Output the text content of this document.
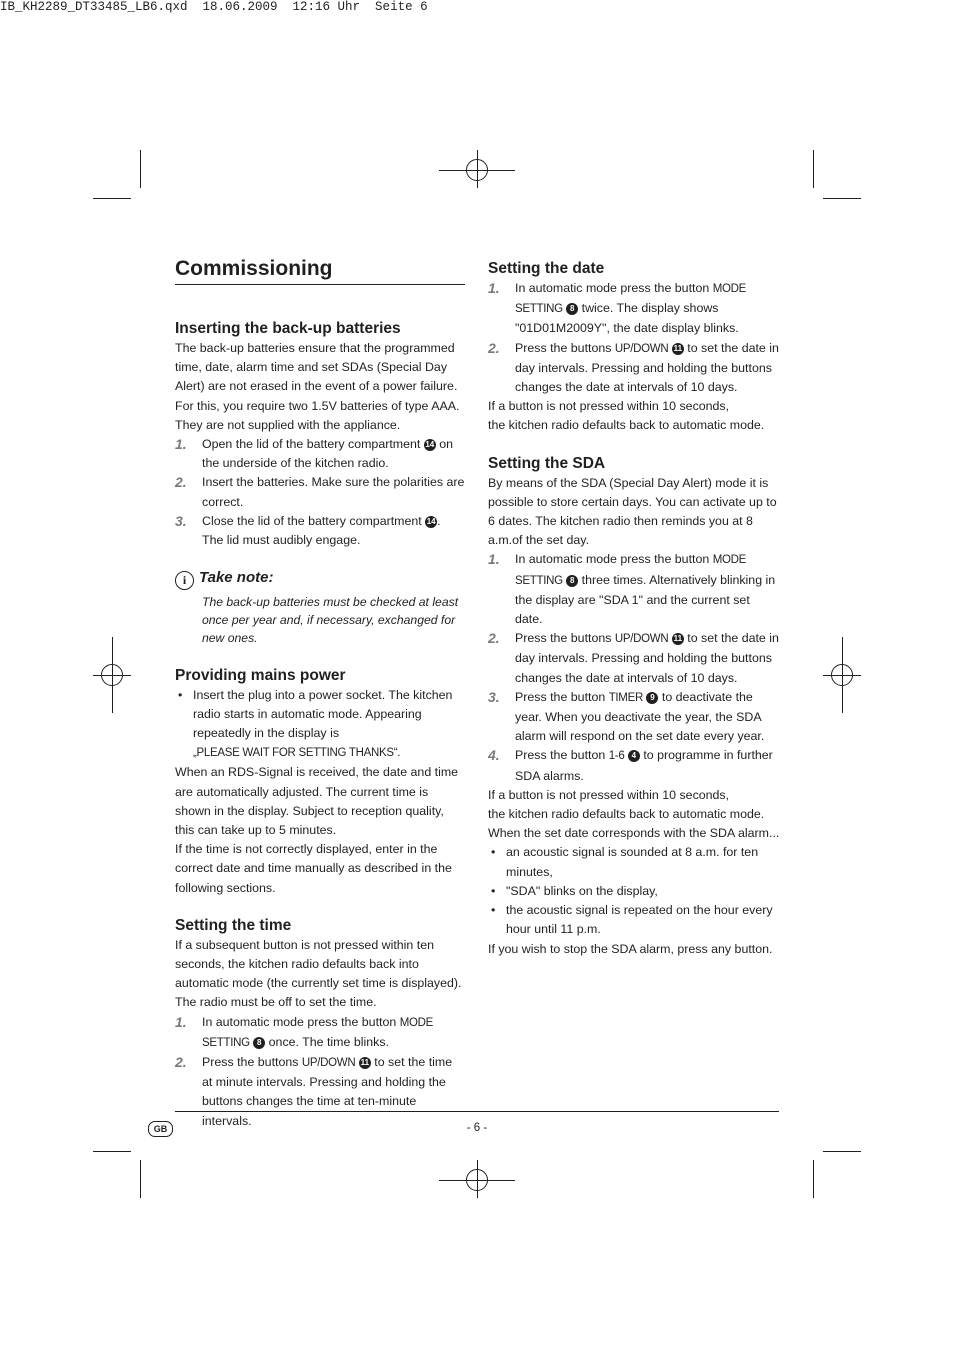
IB_KH2289_DT33485_LB6.qxd  18.06.2009  12:16 Uhr  Seite 6
Commissioning
Inserting the back-up batteries

The back-up batteries ensure that the programmed time, date, alarm time and set SDAs (Special Day Alert) are not erased in the event of a power failure. For this, you require two 1.5V batteries of type AAA. They are not supplied with the appliance.

1. Open the lid of the battery compartment 14 on the underside of the kitchen radio.
2. Insert the batteries. Make sure the polarities are correct.
3. Close the lid of the battery compartment 14 . The lid must audibly engage.
i Take note:
The back-up batteries must be checked at least once per year and, if necessary, exchanged for new ones.
Providing mains power
• Insert the plug into a power socket. The kitchen radio starts in automatic mode. Appearing repeatedly in the display is
„PLEASE WAIT FOR SETTING THANKS“.

When an RDS-Signal is received, the date and time are automatically adjusted. The current time is shown in the display. Subject to reception quality, this can take up to 5 minutes.

If the time is not correctly displayed, enter in the correct date and time manually as described in the following sections.

Setting the time

If a subsequent button is not pressed within ten seconds, the kitchen radio defaults back into automatic mode (the currently set time is displayed).

The radio must be off to set the time.

1. In automatic mode press the button MODE SETTING 8 once. The time blinks.
2. Press the buttons UP/DOWN 11 to set the time at minute intervals. Pressing and holding the buttons changes the time at ten-minute intervals.
Setting the date
1. In automatic mode press the button MODE SETTING 8 twice. The display shows "01D01M2009Y", the date display blinks.
2. Press the buttons UP/DOWN 11 to set the date in day intervals. Pressing and holding the buttons changes the date at intervals of 10 days.

If a button is not pressed within 10 seconds,

the kitchen radio defaults back to automatic mode.

Setting the SDA

By means of the SDA (Special Day Alert) mode it is possible to store certain days. You can activate up to 6 dates. The kitchen radio then reminds you at 8 a.m.of the set day.

1. In automatic mode press the button MODE SETTING 8 three times. Alternatively blinking in the display are "SDA 1" and the current set date.
2. Press the buttons UP/DOWN 11 to set the date in day intervals. Pressing and holding the buttons changes the date at intervals of 10 days.
3. Press the button TIMER 9 to deactivate the year. When you deactivate the year, the SDA alarm will respond on the set date every year.
4. Press the button 1-6 4 to programme in further SDA alarms.

If a button is not pressed within 10 seconds,

the kitchen radio defaults back to automatic mode.

When the set date corresponds with the SDA alarm...

• an acoustic signal is sounded at 8 a.m. for ten minutes,
• "SDA" blinks on the display,
• the acoustic signal is repeated on the hour every hour until 11 p.m.

If you wish to stop the SDA alarm, press any button.

GB	- 6 -
